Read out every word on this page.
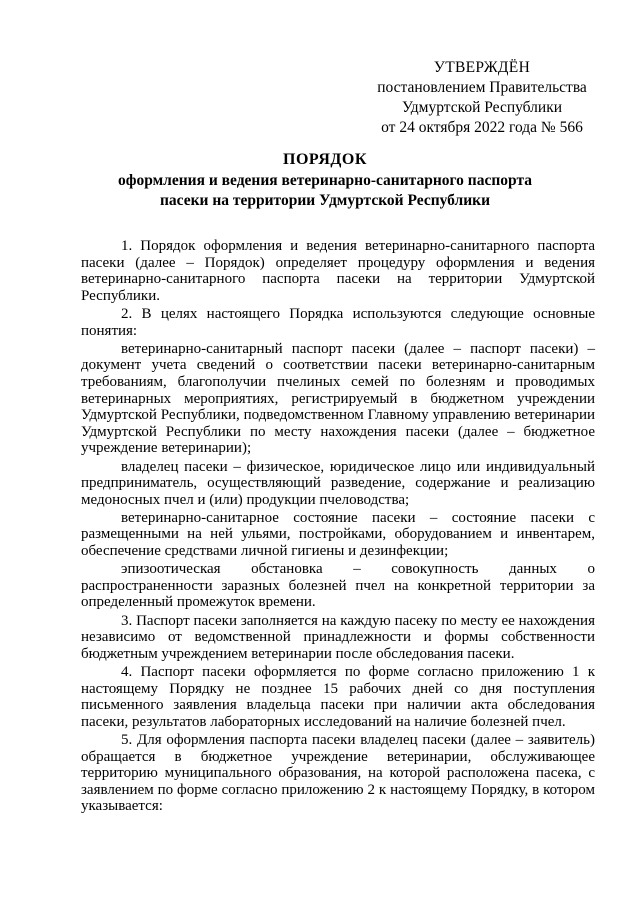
УТВЕРЖДЁН
постановлением Правительства
Удмуртской Республики
от 24 октября 2022 года № 566
ПОРЯДОК
оформления и ведения ветеринарно-санитарного паспорта
пасеки на территории Удмуртской Республики

1. Порядок оформления и ведения ветеринарно-санитарного паспорта пасеки (далее – Порядок) определяет процедуру оформления и ведения ветеринарно-санитарного паспорта пасеки на территории Удмуртской Республики.

2. В целях настоящего Порядка используются следующие основные понятия:

ветеринарно-санитарный паспорт пасеки (далее – паспорт пасеки) – документ учета сведений о соответствии пасеки ветеринарно-санитарным требованиям, благополучии пчелиных семей по болезням и проводимых ветеринарных мероприятиях, регистрируемый в бюджетном учреждении Удмуртской Республики, подведомственном Главному управлению ветеринарии Удмуртской Республики по месту нахождения пасеки (далее – бюджетное учреждение ветеринарии);

владелец пасеки – физическое, юридическое лицо или индивидуальный предприниматель, осуществляющий разведение, содержание и реализацию медоносных пчел и (или) продукции пчеловодства;

ветеринарно-санитарное состояние пасеки – состояние пасеки с размещенными на ней ульями, постройками, оборудованием и инвентарем, обеспечение средствами личной гигиены и дезинфекции;

эпизоотическая обстановка – совокупность данных о распространенности заразных болезней пчел на конкретной территории за определенный промежуток времени.

3. Паспорт пасеки заполняется на каждую пасеку по месту ее нахождения независимо от ведомственной принадлежности и формы собственности бюджетным учреждением ветеринарии после обследования пасеки.

4. Паспорт пасеки оформляется по форме согласно приложению 1 к настоящему Порядку не позднее 15 рабочих дней со дня поступления письменного заявления владельца пасеки при наличии акта обследования пасеки, результатов лабораторных исследований на наличие болезней пчел.

5. Для оформления паспорта пасеки владелец пасеки (далее – заявитель) обращается в бюджетное учреждение ветеринарии, обслуживающее территорию муниципального образования, на которой расположена пасека, с заявлением по форме согласно приложению 2 к настоящему Порядку, в котором указывается:
